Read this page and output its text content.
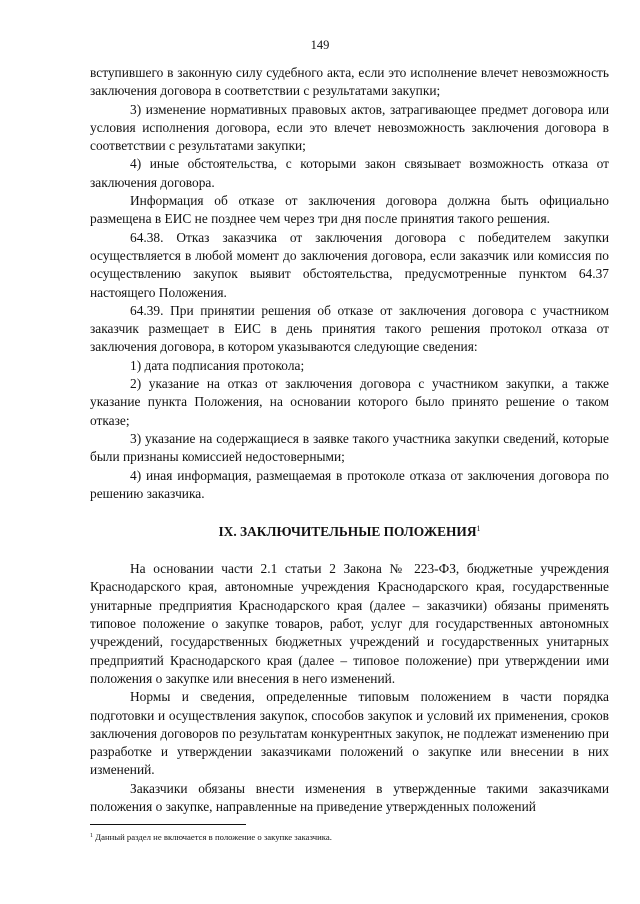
149

вступившего в законную силу судебного акта, если это исполнение влечет невозможность заключения договора в соответствии с результатами закупки;

3) изменение нормативных правовых актов, затрагивающее предмет договора или условия исполнения договора, если это влечет невозможность заключения договора в соответствии с результатами закупки;

4) иные обстоятельства, с которыми закон связывает возможность отказа от заключения договора.

Информация об отказе от заключения договора должна быть официально размещена в ЕИС не позднее чем через три дня после принятия такого решения.

64.38. Отказ заказчика от заключения договора с победителем закупки осуществляется в любой момент до заключения договора, если заказчик или комиссия по осуществлению закупок выявит обстоятельства, предусмотренные пунктом 64.37 настоящего Положения.

64.39. При принятии решения об отказе от заключения договора с участником заказчик размещает в ЕИС в день принятия такого решения протокол отказа от заключения договора, в котором указываются следующие сведения:

1) дата подписания протокола;

2) указание на отказ от заключения договора с участником закупки, а также указание пункта Положения, на основании которого было принято решение о таком отказе;

3) указание на содержащиеся в заявке такого участника закупки сведений, которые были признаны комиссией недостоверными;

4) иная информация, размещаемая в протоколе отказа от заключения договора по решению заказчика.

IX. ЗАКЛЮЧИТЕЛЬНЫЕ ПОЛОЖЕНИЯ$^1$

На основании части 2.1 статьи 2 Закона № 223-ФЗ, бюджетные учреждения Краснодарского края, автономные учреждения Краснодарского края, государственные унитарные предприятия Краснодарского края (далее – заказчики) обязаны применять типовое положение о закупке товаров, работ, услуг для государственных автономных учреждений, государственных бюджетных учреждений и государственных унитарных предприятий Краснодарского края (далее – типовое положение) при утверждении ими положения о закупке или внесения в него изменений.

Нормы и сведения, определенные типовым положением в части порядка подготовки и осуществления закупок, способов закупок и условий их применения, сроков заключения договоров по результатам конкурентных закупок, не подлежат изменению при разработке и утверждении заказчиками положений о закупке или внесении в них изменений.

Заказчики обязаны внести изменения в утвержденные такими заказчиками положения о закупке, направленные на приведение утвержденных положений

$^1$ Данный раздел не включается в положение о закупке заказчика.
